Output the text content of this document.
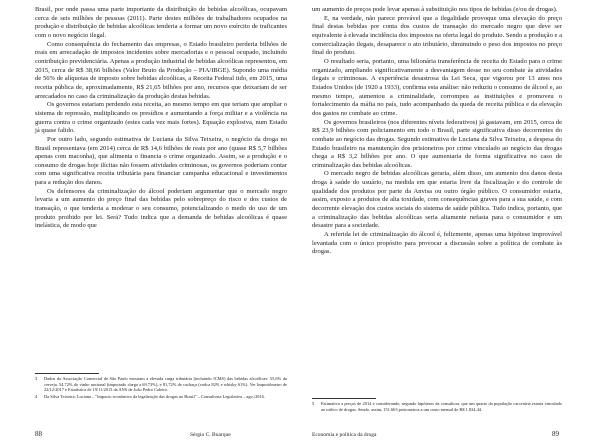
Brasil, por onde passa uma parte importante da distribuição de bebidas alcoólicas, ocupavam cerca de seis milhões de pessoas (2011). Parte destes milhões de trabalhadores ocupados na produção e distribuição de bebidas alcoólicas tenderia a formar um novo exército de traficantes com o novo negócio ilegal.

Como consequência do fechamento das empresas, o Estado brasileiro perderia bilhões de reais em arrecadação de impostos incidentes sobre mercadorias e o pessoal ocupado, incluindo contribuição previdenciária. Apenas a produção industrial de bebidas alcoólicas representou, em 2015, cerca de R$ 38,66 bilhões (Valor Bruto da Produção – PIA/IBGE). Supondo uma média de 56% de alíquotas de imposto sobre bebidas alcoólicas, a Receita Federal tido, em 2015, uma receita pública de, aproximadamente, R$ 21,65 bilhões por ano, recursos que deixariam de ser arrecadados no caso da criminalização da produção destas bebidas.

Os governos estariam perdendo esta receita, ao mesmo tempo em que teriam que ampliar o sistema de repressão, multiplicando os presídios e aumentando a força militar e a violência na guerra contra o crime organizado (estes cada vez mais fortes). Equação explosiva, num Estado já quase falido.

Por outro lado, segundo estimativa de Luciana da Silva Teixeira, o negócio da droga no Brasil representava (em 2014) cerca de R$ 14,6 bilhões de reais por ano (quase R$ 5,7 bilhões apenas com maconha), que alimenta o financia o crime organizado. Assim, se a produção e o consumo de drogas hoje ilícitas não fossem atividades criminosas, os governos poderiam contar com uma significativa receita tributária para financiar campanha educacional e investimentos para a redução dos danos.

Os defensores da criminalização do álcool poderiam argumentar que o mercado negro levaria a um aumento do preço final das bebidas pelo sobrepreço do risco e dos custos de transação, o que tenderia a moderar o seu consumo, potencializando o medo do uso de um produto proibido por lei. Será? Tudo indica que a demanda de bebidas alcoólicas é quase inelástica, de modo que

3	Dados da Associação Comercial de São Paulo mostram a elevada carga tributária (incluindo ICMS) das bebidas alcoólicas: 55,6% da cerveja, 54,72% do vinho nacional (importado chega a 69,73%), e 81,72% de cachaça (vodca 82% e whisky 61%). Ver Impostômetro de 22/12/2017 e Estatística de 19/11/2013 da ANS de João Pedro Caleiro.
4	Da Silva Teixeira, Luciana – "Impacto econômico da legalização das drogas no Brasil" – Consultoria Legislativa – ago./2016.
88	Sérgio C. Buarque

um aumento de preços pode levar apenas à substituição nos tipos de bebidas (e/ou de drogas).

E, na verdade, não parece provável que a ilegalidade provoque uma elevação do preço final destas bebidas por conta dos custos de transação do mercado negro que deve ser equivalente à elevada incidência dos impostos na oferta legal do produto. Sendo a produção e a comercialização ilegais, desaparece o ato tributário, diminuindo o peso dos impostos no preço final do produto.

O resultado seria, portanto, uma bilionária transferência de receita do Estado para o crime organizado, ampliando significativamente a desvantagem desse no seu combate às atividades ilegais e criminosas. A experiência desastrosa da Lei Seca, que vigorou por 13 anos nos Estados Unidos (de 1920 a 1933), confirma esta análise: não reduziu o consumo de álcool e, ao mesmo tempo, aumentou a criminalidade, corrompeu as instituições e promoveu o fortalecimento da máfia no país, tudo acompanhado da queda de receita pública e da elevação dos gastos no combate ao crime.

Os governos brasileiros (nos diferentes níveis federativos) já gastavam, em 2015, cerca de R$ 23,9 bilhões com policiamento em todo o Brasil, parte significativa disso decorrentes do combate ao negócio das drogas. Segundo estimativa de Luciana da Silva Teixeira, a despesa do Estado brasileiro na manutenção dos prisioneiros por crime vinculado ao negócio das drogas chega a R$ 3,2 bilhões por ano. O que aumentaria de forma significativa no caso de criminalização das bebidas alcoólicas.

O mercado negro de bebidas alcoólicas geraria, além disso, um aumento dos danos desta droga à saúde do usuário, na medida em que estaria livre da fiscalização e do controle de qualidade dos produtos por parte da Anvisa ou outro órgão público. O consumidor estaria, assim, exposto a produtos de alta toxidade, com consequências graves para a sua saúde, e com decorrente elevação dos custos sociais do sistema de saúde pública. Tudo indica, portanto, que a criminalização das bebidas alcoólicas seria altamente nefasta para o consumidor e um desastre para a sociedade.

A referida lei de criminalização do álcool é, felizmente, apenas uma hipótese improvável levantada com o único propósito para provocar a discussão sobre a política de combate às drogas.

5	Estimativa a preços de 2014 e considerando, segundo hipóteses da consultora, que um quarto da população carcerária estaria vinculado ao tráfico de drogas. Sendo, assim, 151.663 prisioneiros a um custo mensal de R$ 1.824,44.
Economia e política da droga	89
